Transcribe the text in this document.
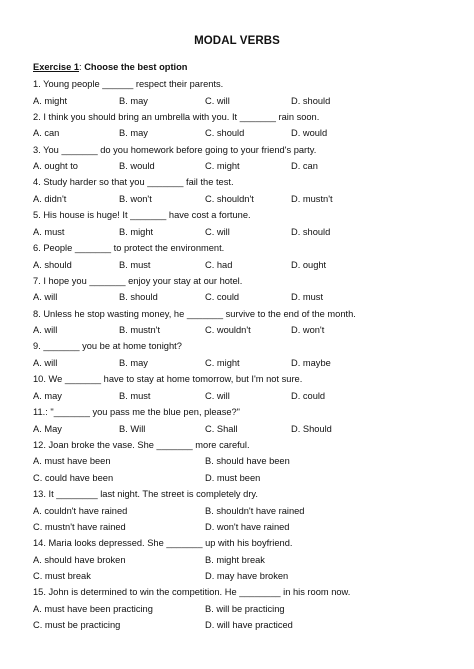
MODAL VERBS
Exercise 1: Choose the best option
1. Young people ______ respect their parents.
A. might	B. may	C. will	D. should
2. I think you should bring an umbrella with you. It _______ rain soon.
A. can	B. may	C. should	D. would
3. You _______ do you homework before going to your friend's party.
A. ought to	B. would	C. might	D. can
4. Study harder so that you _______ fail the test.
A. didn't	B. won't	C. shouldn't	D. mustn't
5. His house is huge! It _______ have cost a fortune.
A. must	B. might	C. will	D. should
6. People _______ to protect the environment.
A. should	B. must	C. had	D. ought
7. I hope you _______ enjoy your stay at our hotel.
A. will	B. should	C. could	D. must
8. Unless he stop wasting money, he _______ survive to the end of the month.
A. will	B. mustn't	C. wouldn't	D. won't
9. _______ you be at home tonight?
A. will	B. may	C. might	D. maybe
10. We _______ have to stay at home tomorrow, but I'm not sure.
A. may	B. must	C. will	D. could
11.: "_______ you pass me the blue pen, please?"
A. May	B. Will	C. Shall	D. Should
12. Joan broke the vase. She _______ more careful.
A. must have been	B. should have been
C. could have been	D. must been
13. It ________ last night. The street is completely dry.
A. couldn't have rained	B. shouldn't have rained
C. mustn't have rained	D. won't have rained
14. Maria looks depressed. She _______ up with his boyfriend.
A. should have broken	B. might break
C. must break	D. may have broken
15. John is determined to win the competition. He ________ in his room now.
A. must have been practicing	B. will be practicing
C. must be practicing	D. will have practiced
